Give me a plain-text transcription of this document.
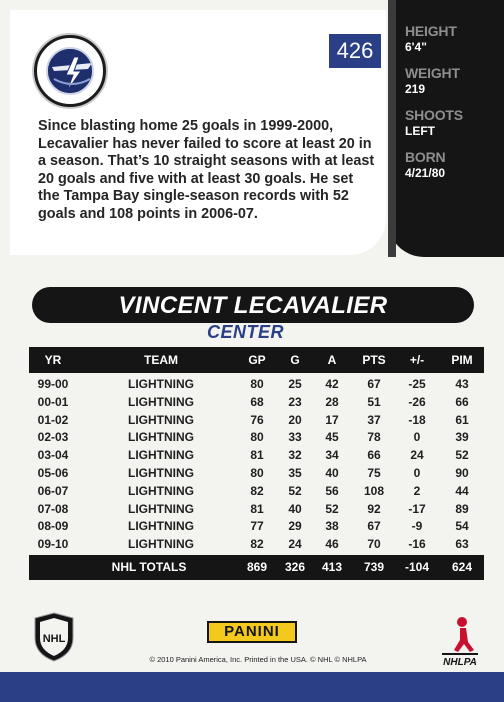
426
Since blasting home 25 goals in 1999-2000, Lecavalier has never failed to score at least 20 in a season. That’s 10 straight seasons with at least 20 goals and five with at least 30 goals. He set the Tampa Bay single-season records with 52 goals and 108 points in 2006-07.
HEIGHT
6'4"
WEIGHT
219
SHOOTS
LEFT
BORN
4/21/80
VINCENT LECAVALIER
CENTER
YR	TEAM	GP	G	A	PTS	+/-	PIM
99-00	LIGHTNING	80	25	42	67	-25	43
00-01	LIGHTNING	68	23	28	51	-26	66
01-02	LIGHTNING	76	20	17	37	-18	61
02-03	LIGHTNING	80	33	45	78	0	39
03-04	LIGHTNING	81	32	34	66	24	52
05-06	LIGHTNING	80	35	40	75	0	90
06-07	LIGHTNING	82	52	56	108	2	44
07-08	LIGHTNING	81	40	52	92	-17	89
08-09	LIGHTNING	77	29	38	67	-9	54
09-10	LIGHTNING	82	24	46	70	-16	63
NHL TOTALS	869	326	413	739	-104	624
NHL	PANINI
NHLPA
© 2010 Panini America, Inc. Printed in the USA. © NHL © NHLPA
